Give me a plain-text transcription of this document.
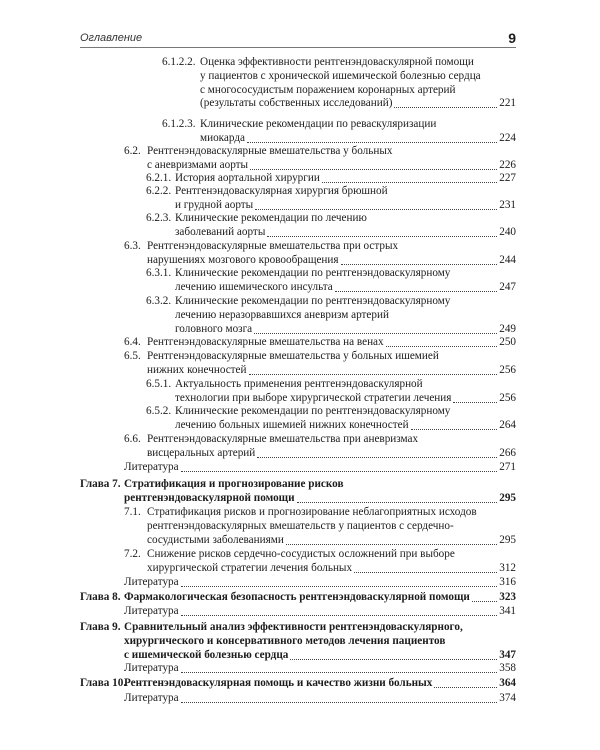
Оглавление	9
6.1.2.2. Оценка эффективности рентгенэндоваскулярной помощи
у пациентов с хронической ишемической болезнью сердца
с многососудистым поражением коронарных артерий
(результаты собственных исследований)	221
6.1.2.3. Клинические рекомендации по реваскуляризации
миокарда	224
6.2. Рентгенэндоваскулярные вмешательства у больных
с аневризмами аорты	226
6.2.1. История аортальной хирургии	227
6.2.2. Рентгенэндоваскулярная хирургия брюшной
и грудной аорты	231
6.2.3. Клинические рекомендации по лечению
заболеваний аорты	240
6.3. Рентгенэндоваскулярные вмешательства при острых
нарушениях мозгового кровообращения	244
6.3.1. Клинические рекомендации по рентгенэндоваскулярному
лечению ишемического инсульта	247
6.3.2. Клинические рекомендации по рентгенэндоваскулярному
лечению неразорвавшихся аневризм артерий
головного мозга	249
6.4. Рентгенэндоваскулярные вмешательства на венах	250
6.5. Рентгенэндоваскулярные вмешательства у больных ишемией
нижних конечностей	256
6.5.1. Актуальность применения рентгенэндоваскулярной
технологии при выборе хирургической стратегии лечения	256
6.5.2. Клинические рекомендации по рентгенэндоваскулярному
лечению больных ишемией нижних конечностей	264
6.6. Рентгенэндоваскулярные вмешательства при аневризмах
висцеральных артерий	266
Литература	271
Глава 7. Стратификация и прогнозирование рисков
рентгенэндоваскулярной помощи	295
7.1. Стратификация рисков и прогнозирование неблагоприятных исходов
рентгенэндоваскулярных вмешательств у пациентов с сердечно-
сосудистыми заболеваниями	295
7.2. Снижение рисков сердечно-сосудистых осложнений при выборе
хирургической стратегии лечения больных	312
Литература	316
Глава 8. Фармакологическая безопасность рентгенэндоваскулярной помощи	323
Литература	341
Глава 9. Сравнительный анализ эффективности рентгенэндоваскулярного,
хирургического и консервативного методов лечения пациентов
с ишемической болезнью сердца	347
Литература	358
Глава 10.
Рентгенэндоваскулярная помощь и качество жизни больных	364
Литература	374
